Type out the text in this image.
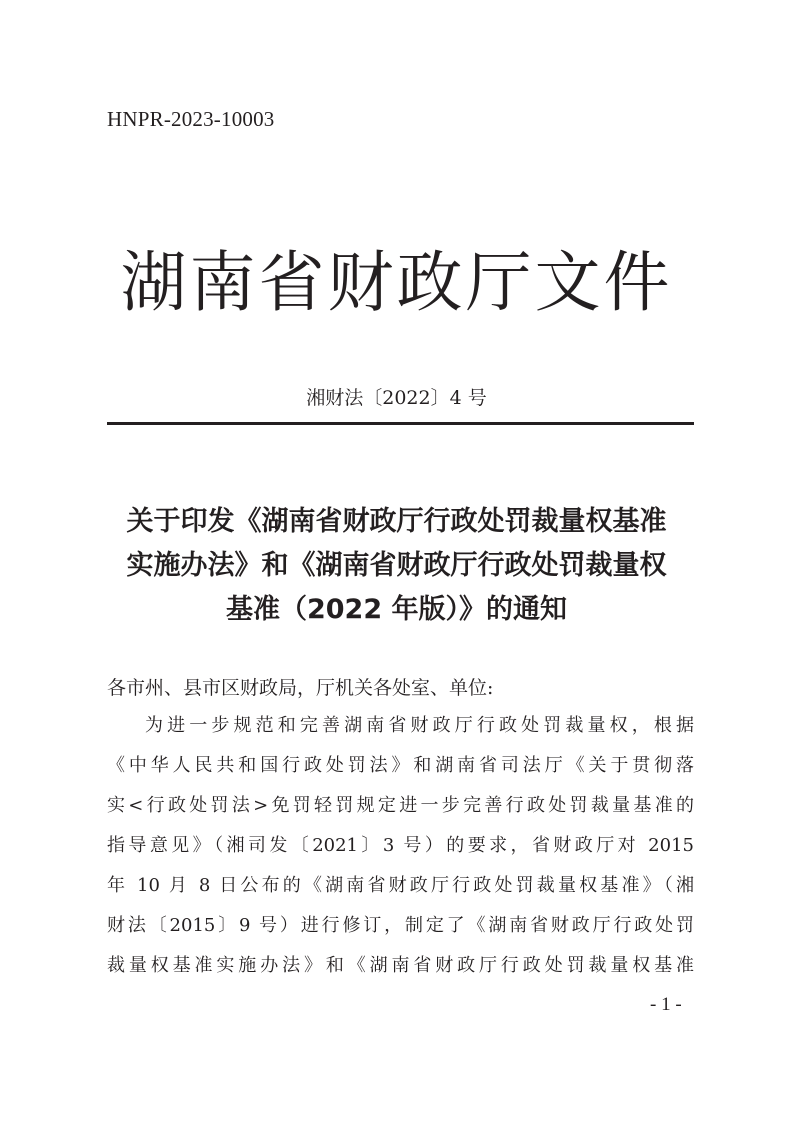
HNPR-2023-10003
湖南省财政厅文件
湘财法〔2022〕4 号
关于印发《湖南省财政厅行政处罚裁量权基准
实施办法》和《湖南省财政厅行政处罚裁量权
基准（2022 年版）》的通知
各市州、县市区财政局，厅机关各处室、单位:
为进一步规范和完善湖南省财政厅行政处罚裁量权，根据
《中华人民共和国行政处罚法》和湖南省司法厅《关于贯彻落
实<行政处罚法>免罚轻罚规定进一步完善行政处罚裁量基准的
指导意见》（湘司发〔2021〕3 号）的要求，省财政厅对 2015
年 10 月 8 日公布的《湖南省财政厅行政处罚裁量权基准》（湘
财法〔2015〕9 号）进行修订，制定了《湖南省财政厅行政处罚
裁量权基准实施办法》和《湖南省财政厅行政处罚裁量权基准
- 1 -
